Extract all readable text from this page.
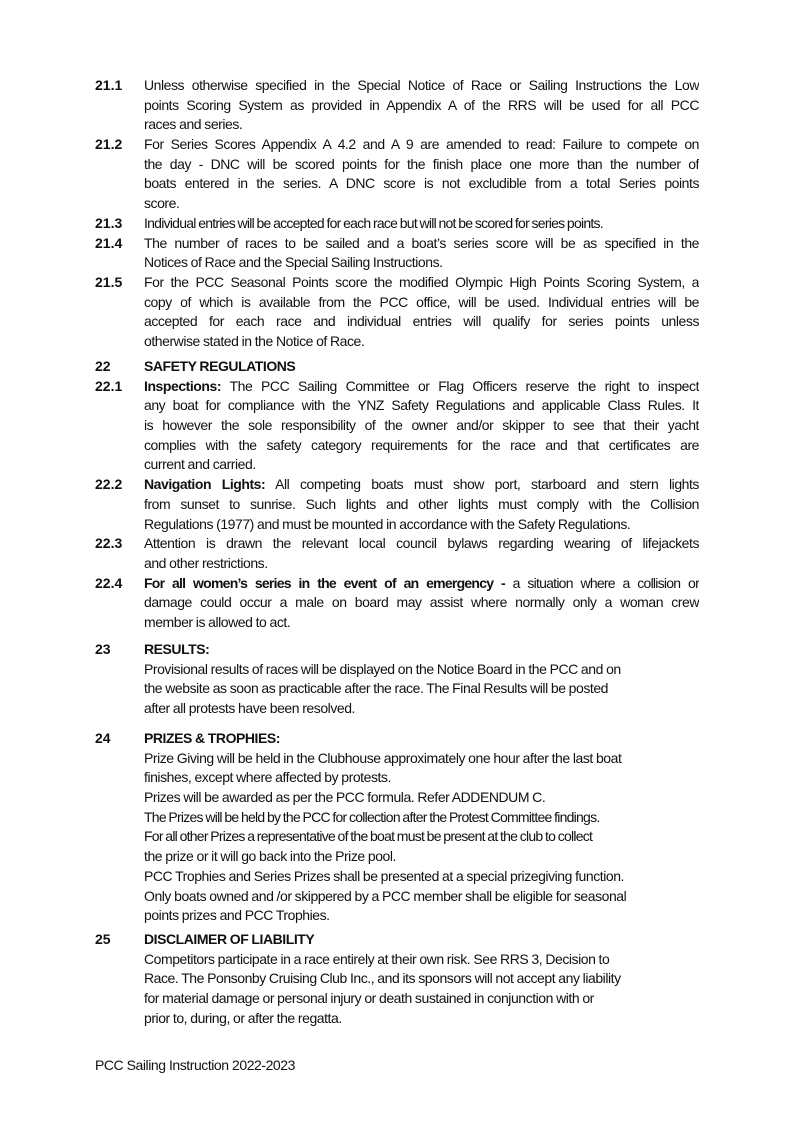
21.1	Unless otherwise specified in the Special Notice of Race or Sailing Instructions the Low
points Scoring System as provided in Appendix A of the RRS will be used for all PCC
races and series.
21.2	For Series Scores Appendix A 4.2 and A 9 are amended to read: Failure to compete on
the day - DNC will be scored points for the finish place one more than the number of
boats entered in the series. A DNC score is not excludible from a total Series points
score.
21.3	Individual entries will be accepted for each race but will not be scored for series points.
21.4	The number of races to be sailed and a boat’s series score will be as specified in the
Notices of Race and the Special Sailing Instructions.
21.5	For the PCC Seasonal Points score the modified Olympic High Points Scoring System, a
copy of which is available from the PCC office, will be used. Individual entries will be
accepted for each race and individual entries will qualify for series points unless
otherwise stated in the Notice of Race.
22	SAFETY REGULATIONS
22.1	Inspections: The PCC Sailing Committee or Flag Officers reserve the right to inspect
any boat for compliance with the YNZ Safety Regulations and applicable Class Rules. It
is however the sole responsibility of the owner and/or skipper to see that their yacht
complies with the safety category requirements for the race and that certificates are
current and carried.
22.2	Navigation Lights: All competing boats must show port, starboard and stern lights
from sunset to sunrise. Such lights and other lights must comply with the Collision
Regulations (1977) and must be mounted in accordance with the Safety Regulations.
22.3	Attention is drawn the relevant local council bylaws regarding wearing of lifejackets
and other restrictions.
22.4	For all women’s series in the event of an emergency - a situation where a collision or
damage could occur a male on board may assist where normally only a woman crew
member is allowed to act.
23	RESULTS:
Provisional results of races will be displayed on the Notice Board in the PCC and on
the website as soon as practicable after the race. The Final Results will be posted
after all protests have been resolved.
24	PRIZES & TROPHIES:
Prize Giving will be held in the Clubhouse approximately one hour after the last boat
finishes, except where affected by protests.
Prizes will be awarded as per the PCC formula. Refer ADDENDUM C.
The Prizes will be held by the PCC for collection after the Protest Committee findings.
For all other Prizes a representative of the boat must be present at the club to collect
the prize or it will go back into the Prize pool.
PCC Trophies and Series Prizes shall be presented at a special prizegiving function.
Only boats owned and /or skippered by a PCC member shall be eligible for seasonal
points prizes and PCC Trophies.
25	DISCLAIMER OF LIABILITY
Competitors participate in a race entirely at their own risk. See RRS 3, Decision to
Race. The Ponsonby Cruising Club Inc., and its sponsors will not accept any liability
for material damage or personal injury or death sustained in conjunction with or
prior to, during, or after the regatta.
PCC Sailing Instruction 2022-2023
